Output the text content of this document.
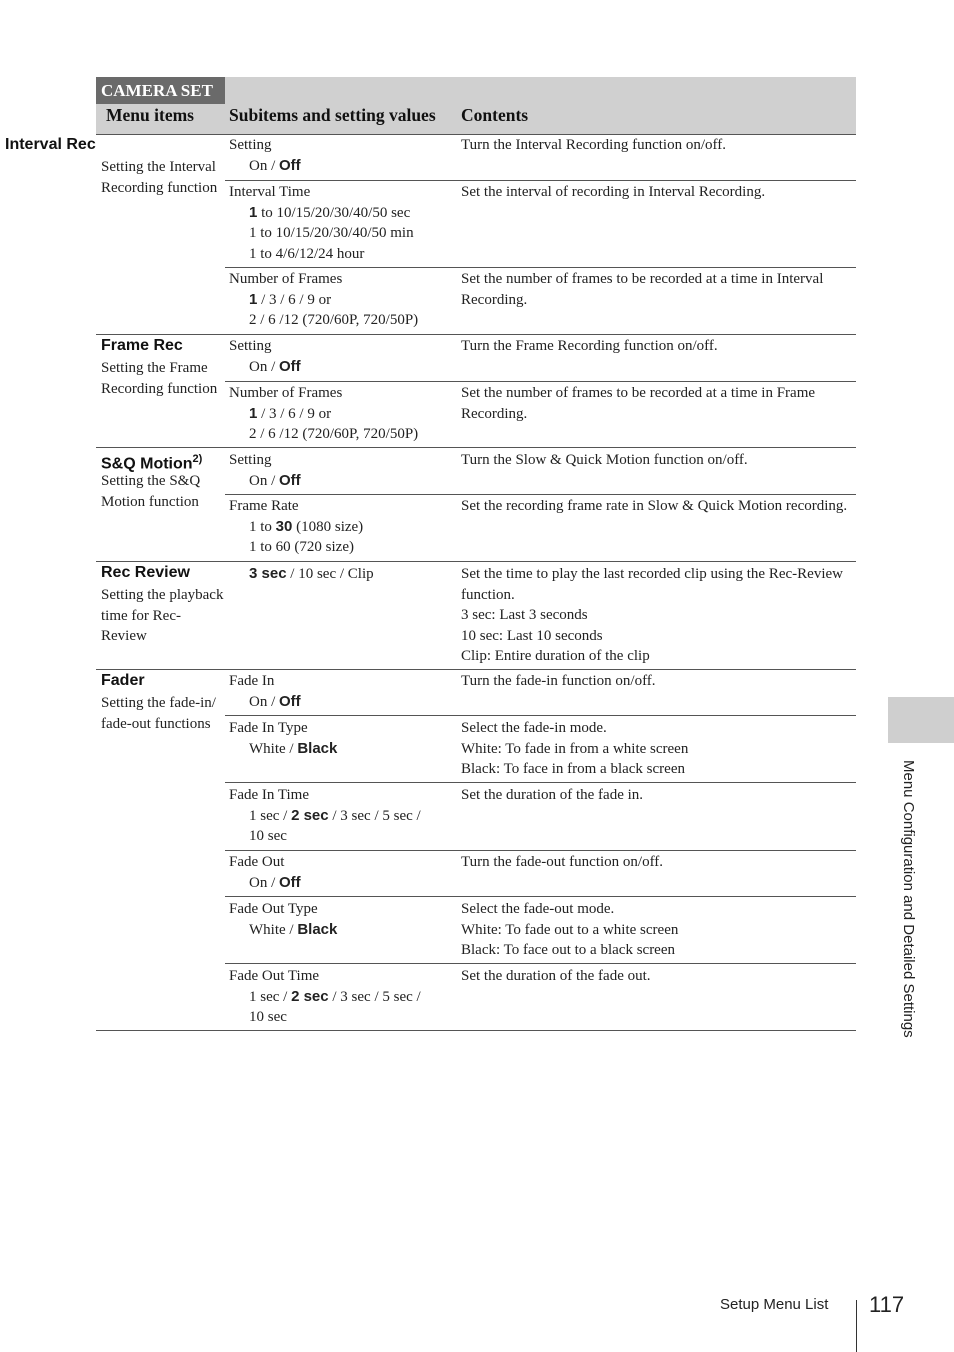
CAMERA SET
Menu items Subitems and setting values Contents
Interval Rec
Setting the Interval Recording function
Setting
On / Off
Turn the Interval Recording function on/off.
Interval Time
1 to 10/15/20/30/40/50 sec
1 to 10/15/20/30/40/50 min
1 to 4/6/12/24 hour
Set the interval of recording in Interval Recording.
Number of Frames
1 / 3 / 6 / 9 or
2 / 6 /12 (720/60P, 720/50P)
Set the number of frames to be recorded at a time in Interval Recording.
Frame Rec
Setting the Frame Recording function
Setting
On / Off
Turn the Frame Recording function on/off.
Number of Frames
1 / 3 / 6 / 9 or
2 / 6 /12 (720/60P, 720/50P)
Set the number of frames to be recorded at a time in Frame Recording.
S&Q Motion$^{2)}$
Setting the S&Q Motion function
Setting
On / Off
Turn the Slow & Quick Motion function on/off.
Frame Rate
1 to 30 (1080 size)
1 to 60 (720 size)
Set the recording frame rate in Slow & Quick Motion recording.
Rec Review
Setting the playback time for Rec-Review
3 sec / 10 sec / Clip	Set the time to play the last recorded clip using the Rec-Review function.
3 sec: Last 3 seconds
10 sec: Last 10 seconds
Clip: Entire duration of the clip
Fader
Setting the fade-in/ fade-out functions
Fade In
On / Off
Turn the fade-in function on/off.
Fade In Type
White / Black
Select the fade-in mode.
White: To fade in from a white screen
Black: To face in from a black screen
Fade In Time
1 sec / 2 sec / 3 sec / 5 sec /
10 sec
Set the duration of the fade in.
Fade Out
On / Off
Turn the fade-out function on/off.
Fade Out Type
White / Black
Select the fade-out mode.
White: To fade out to a white screen
Black: To face out to a black screen
Fade Out Time
1 sec / 2 sec / 3 sec / 5 sec /
10 sec
Set the duration of the fade out.	Menu Configuration and Detailed Settings
Setup Menu List 117
